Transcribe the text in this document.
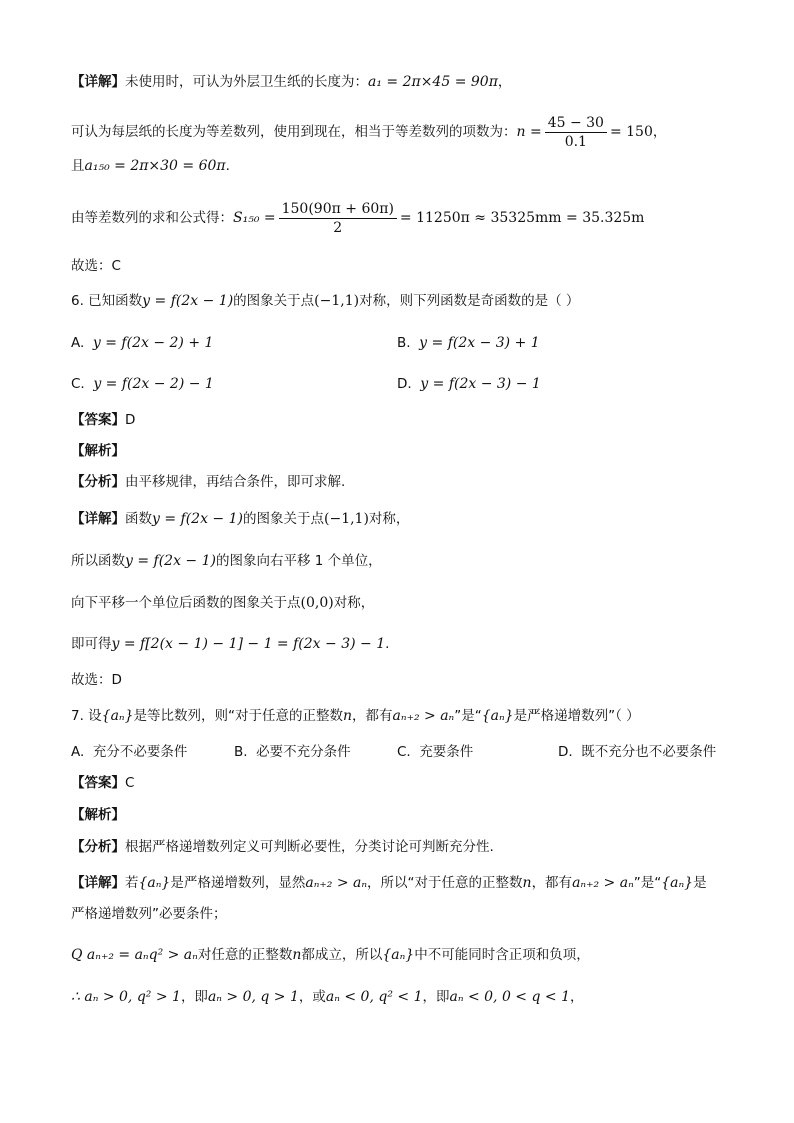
【详解】未使用时，可认为外层卫生纸的长度为：a₁ = 2π×45 = 90π，
可认为每层纸的长度为等差数列，使用到现在，相当于等差数列的项数为：$n = \frac{45 - 30}{0.1} = 150$，
且a₁₅₀ = 2π×30 = 60π.
由等差数列的求和公式得：$S_{150} = \frac{150(90\pi + 60\pi)}{2} = 11250\pi \approx 35325mm = 35.325m$
故选：C
6. 已知函数y = f(2x − 1)的图象关于点(−1,1)对称，则下列函数是奇函数的是（ ）
A. y = f(2x − 2) + 1	B. y = f(2x − 3) + 1
C. y = f(2x − 2) − 1	D. y = f(2x − 3) − 1
【答案】D
【解析】
【分析】由平移规律，再结合条件，即可求解.
【详解】函数y = f(2x − 1)的图象关于点(−1,1)对称，
所以函数y = f(2x − 1)的图象向右平移 1 个单位，
向下平移一个单位后函数的图象关于点(0,0)对称，
即可得y = f[2(x − 1) − 1] − 1 = f(2x − 3) − 1.
故选：D
7. 设{aₙ}是等比数列，则“对于任意的正整数n，都有aₙ₊₂ > aₙ”是“{aₙ}是严格递增数列”（ ）
A. 充分不必要条件	B. 必要不充分条件	C. 充要条件	D. 既不充分也不必要条件
【答案】C
【解析】
【分析】根据严格递增数列定义可判断必要性，分类讨论可判断充分性.
【详解】若{aₙ}是严格递增数列，显然aₙ₊₂ > aₙ，所以“对于任意的正整数n，都有aₙ₊₂ > aₙ”是“{aₙ}是
严格递增数列”必要条件；
Q aₙ₊₂ = aₙq² > aₙ对任意的正整数n都成立，所以{aₙ}中不可能同时含正项和负项，
∴ aₙ > 0, q² > 1，即aₙ > 0, q > 1，或aₙ < 0, q² < 1，即aₙ < 0, 0 < q < 1，
